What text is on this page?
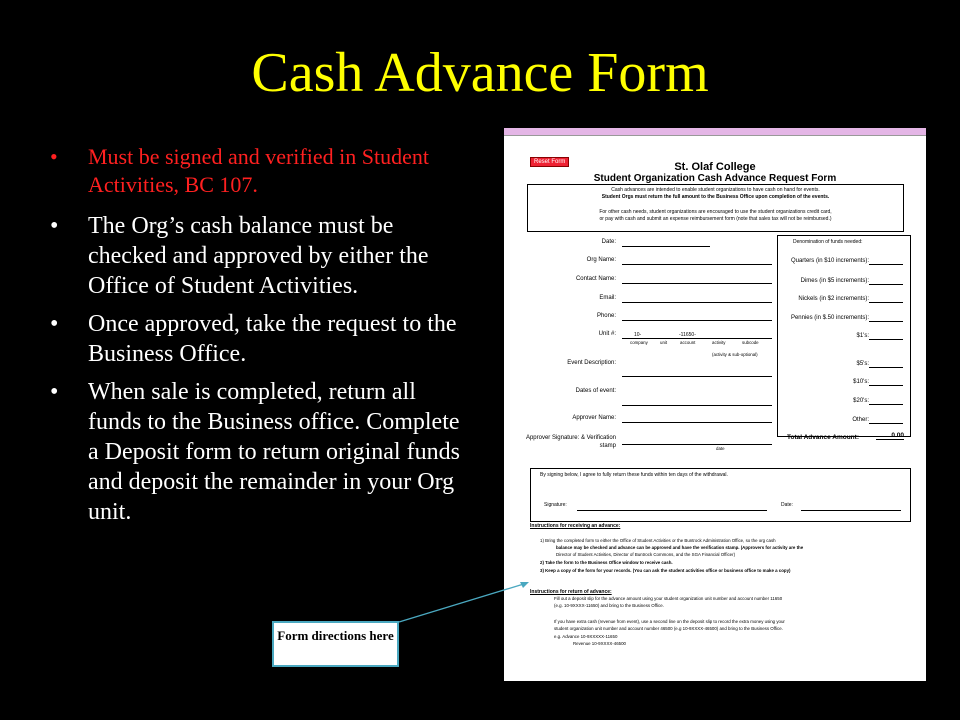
Cash Advance Form
• Must be signed and verified in Student Activities, BC 107.
• The Org’s cash balance must be checked and approved by either the Office of Student Activities.
• Once approved, take the request to the Business Office.
• When sale is completed, return all funds to the Business office. Complete a Deposit form to return original funds and deposit the remainder in your Org unit.
Reset Form	St. Olaf College
Student Organization Cash Advance Request Form
Cash advances are intended to enable student organizations to have cash on hand for events.
Student Orgs must return the full amount to the Business Office upon completion of the events.
For other cash needs, student organizations are encouraged to use the student organizations credit card,
or pay with cash and submit an expense reimbursement form (note that sales tax will not be reimbursed.)
Date:
Org Name:
Contact Name:
Email:
Phone:
Unit #:	10-	-11650-
company	unit	account	activity	subcode
(activity & sub-optional)
Event Description:
Dates of event:
Approver Name:
Approver Signature: & Verification stamp	date
Denomination of funds needed:
Quarters (in $10 increments):
Dimes (in $5 increments):
Nickels (in $2 increments):
Pennies (in $.50 increments):
$1's:
$5's:
$10's:
$20's:
Other:
Total Advance Amount:	0.00
By signing below, I agree to fully return these funds within ten days of the withdrawal.
Signature:	Date:
Instructions for receiving an advance:
1) Bring the completed form to either the Office of Student Activities or the Buntrock Administration Office, so the org cash
balance may be checked and advance can be approved and have the verification stamp. (Approvers for activity are the
Director of Student Activities, Director of Buntrock Commons, and the SGA Financial Officer)
2) Take the form to the Business Office window to receive cash.
3) Keep a copy of the form for your records. (You can ask the student activities office or business office to make a copy)
Instructions for return of advance:
Fill out a deposit slip for the advance amount using your student organization unit number and account number 11650
(e.g. 10-9XXXX-11650) and bring to the Business Office.
If you have extra cash (revenue from event), use a second line on the deposit slip to record the extra money using your
student organization unit number and account number 46500 (e.g 10-9XXXX-46500) and bring to the Business Office.
e.g. Advance 10-9XXXXX-11650
Revenue 10-9XXXX-46500
Form directions here
